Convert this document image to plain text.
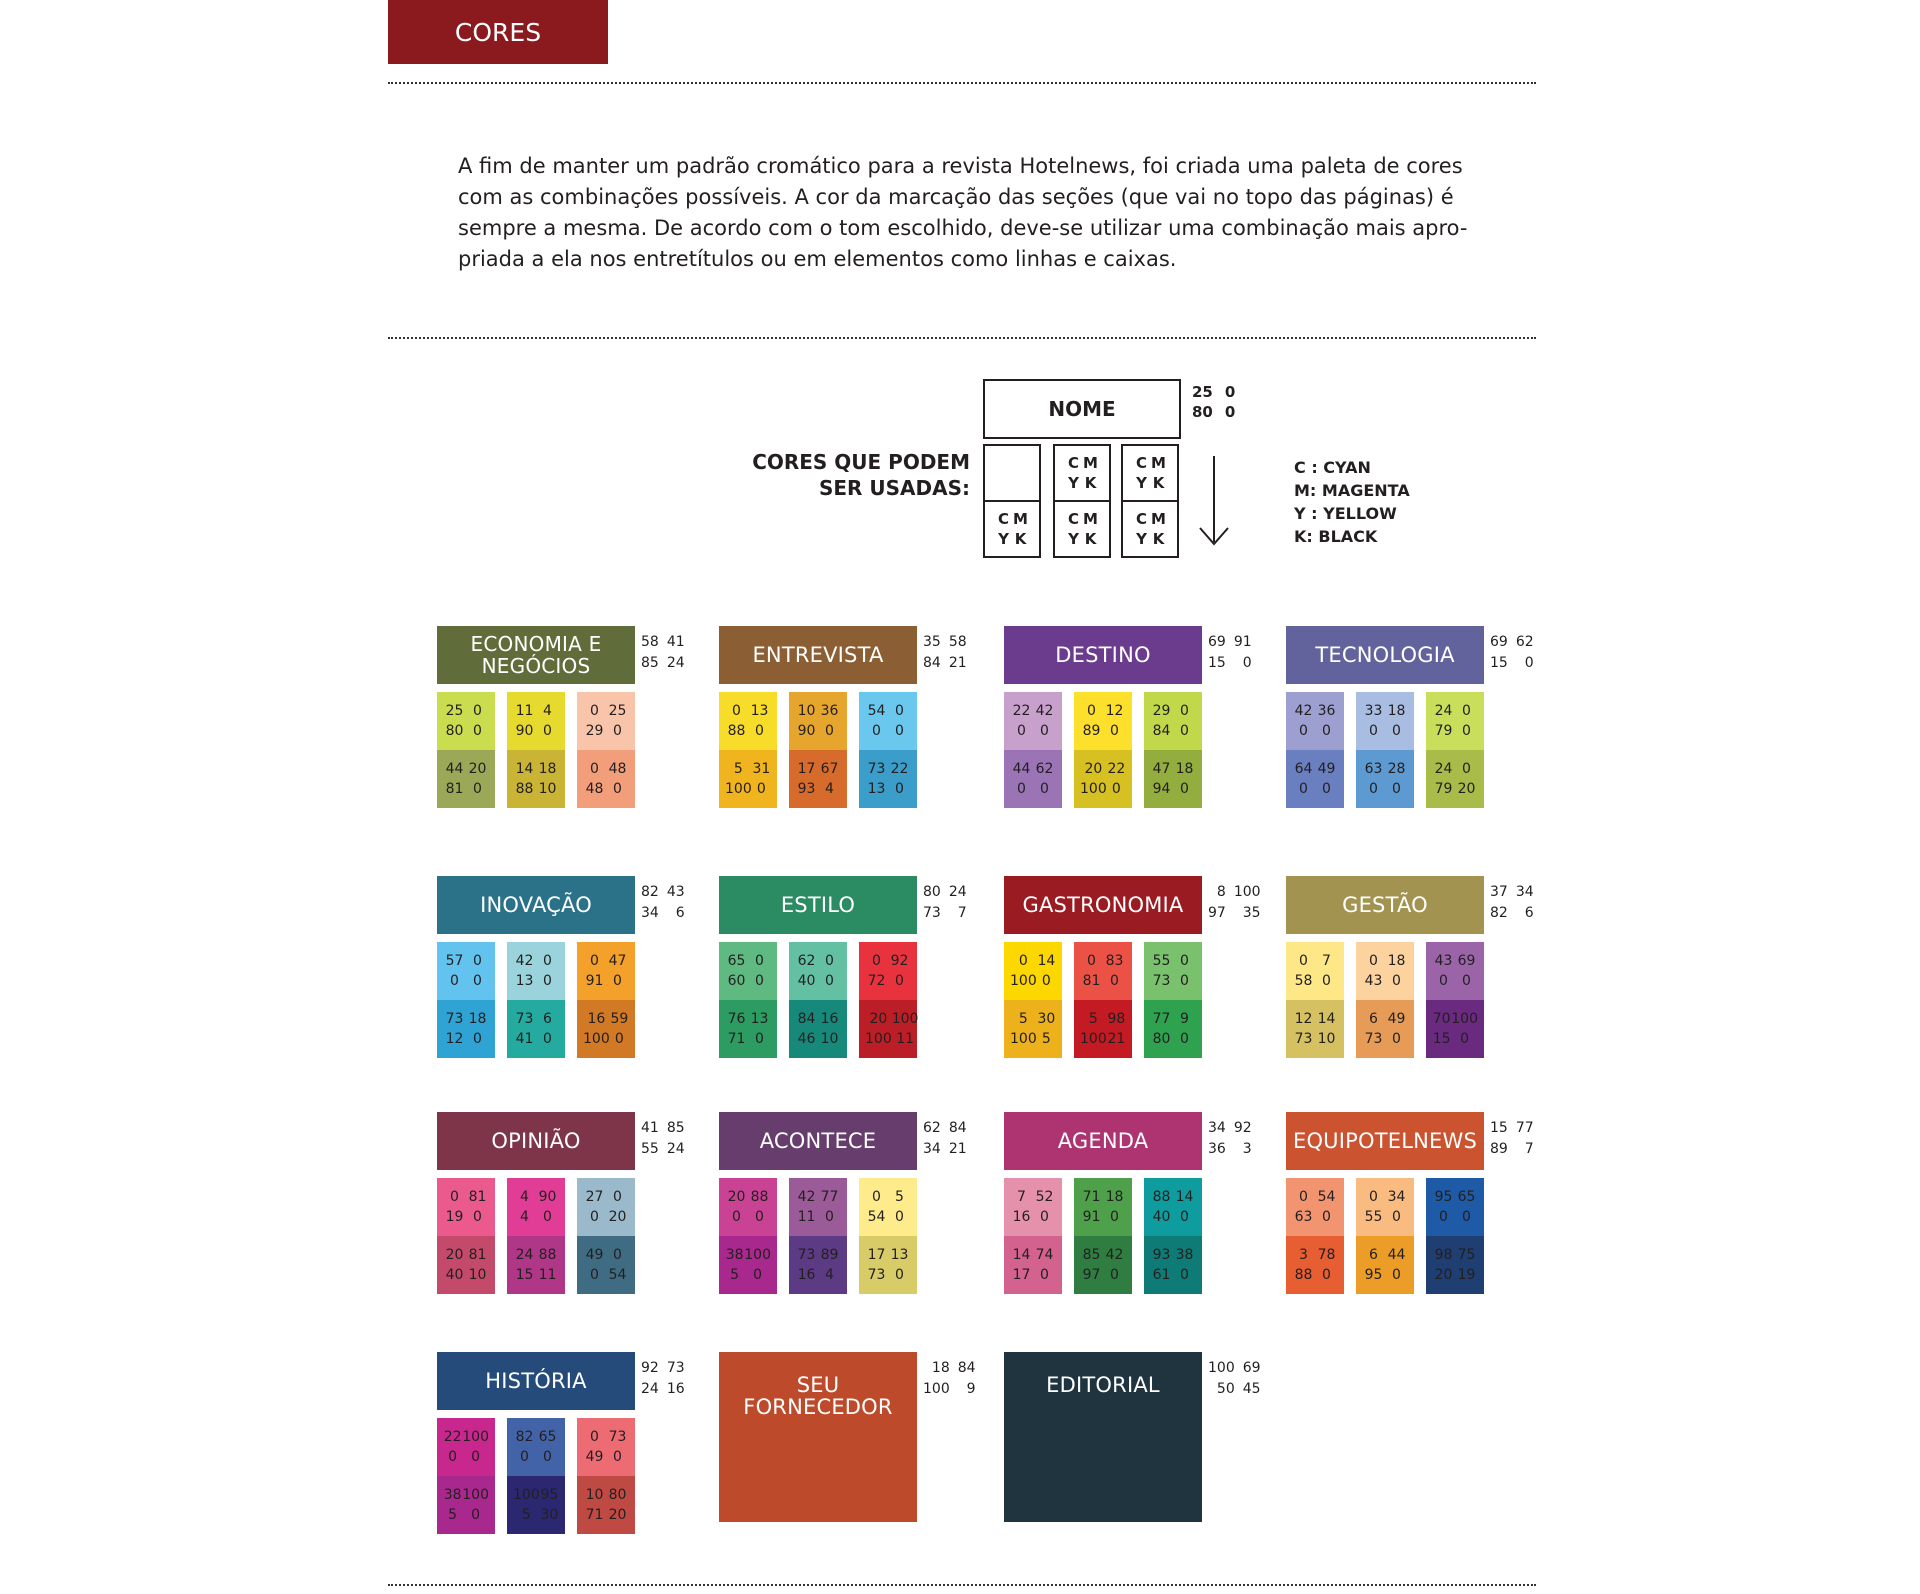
CORES

A fim de manter um padrão cromático para a revista Hotelnews, foi criada uma paleta de cores
com as combinações possíveis. A cor da marcação das seções (que vai no topo das páginas) é
sempre a mesma. De acordo com o tom escolhido, deve-se utilizar uma combinação mais apro-
priada a ela nos entretítulos ou em elementos como linhas e caixas.

NOME
25 0
80 0
CORES QUE PODEM
SER USADAS:
C M
Y K
C M
Y K
C M
Y K
C M
Y K
C M
Y K
C : CYAN
M: MAGENTA
Y : YELLOW
K: BLACK
ECONOMIA E NEGÓCIOS
58 41
85 24
25 0
80 0
44 20
81 0
11 4
90 0
14 18
88 10
0 25
29 0
0 48
48 0
ENTREVISTA
35 58
84 21
0 13
88 0
5 31
100 0
10 36
90 0
17 67
93 4
54 0
0	0
73 22
13 0
DESTINO
69 91
15	0
22 42
0	0
44 62
0	0
0 12
89 0
20 22
100 0
29 0
84 0
47 18
94 0
TECNOLOGIA
69 62
15	0
42 36
0	0
64 49
0	0
33 18
0	0
63 28
0	0
24 0
79 0
24 0
79 20
INOVAÇÃO
82 43
34	6
57 0
0	0
73 18
12 0
42 0
13 0
73 6
41 0
0 47
91 0
16 59
100 0
ESTILO
80 24
73	7
65 0
60 0
76 13
71 0
62 0
40 0
84 16
46 10
0 92
72 0
20 100
100 11
GASTRONOMIA
8 100
97	35
0 14
100 0
5 30
100 5
0 83
81 0
5 98
100 21
55 0
73 0
77 9
80 0
GESTÃO
37 34
82	6
0	7
58 0
12 14
73 10
0 18
43 0
6 49
73 0
43 69
0	0
70 100
15 0
OPINIÃO
41 85
55 24
0 81
19 0
20 81
40 10
4 90
4	0
24 88
15 11
27 0
0 20
49 0
0 54
ACONTECE
62 84
34 21
20 88
0	0
38 100
5	0
42 77
11 0
73 89
16 4
0	5
54 0
17 13
73 0
AGENDA
34 92
36	3
7 52
16 0
14 74
17 0
71 18
91 0
85 42
97 0
88 14
40 0
93 38
61 0
EQUIPOTELNEWS
15 77
89	7
0 54
63 0
3 78
88 0
0 34
55 0
6 44
95 0
95 65
0	0
98 75
20 19
HISTÓRIA
92 73
24 16
22 100
0	0
38 100
5	0
82 65
0	0
100 95
5 30
0 73
49 0
10 80
71 20
SEU FORNECEDOR
18 84
100	9	EDITORIAL
100 69
50 45
